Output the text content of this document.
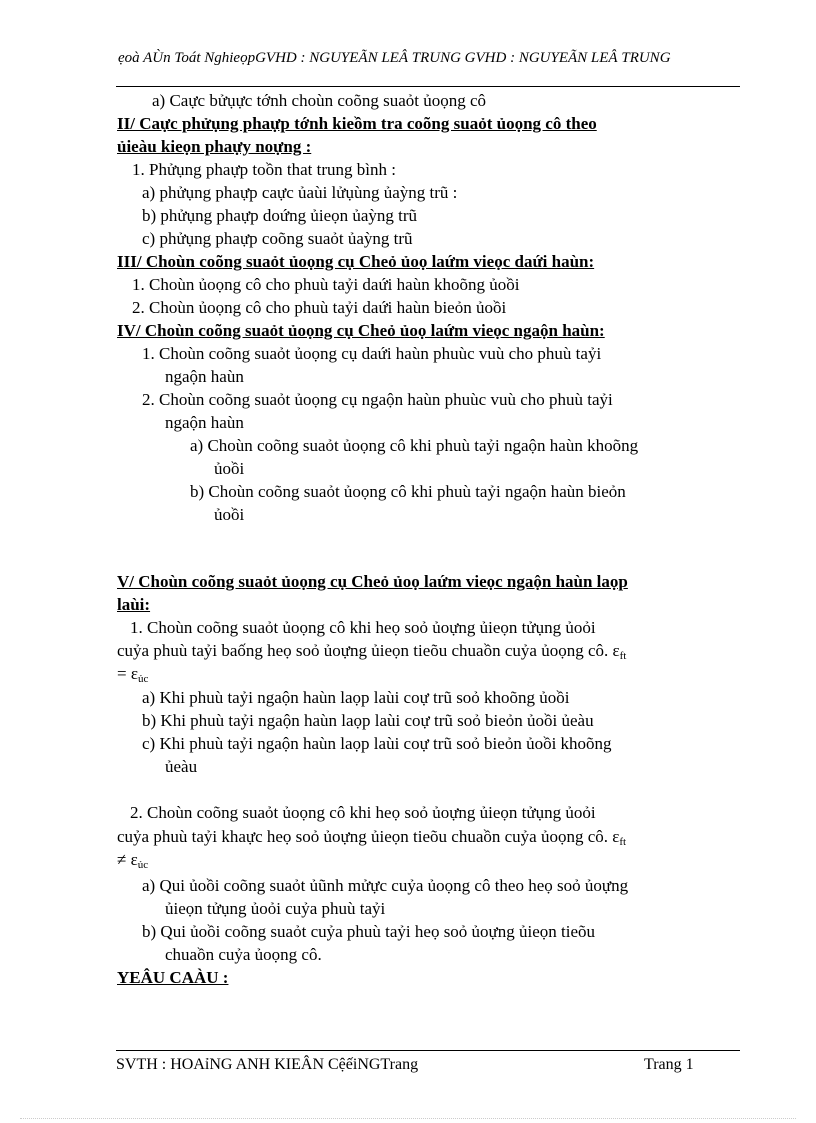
ẹoà AÙn Toát NghieọpGVHD : NGUYEÃN LEÂ TRUNG GVHD : NGUYEÃN LEÂ TRUNG
a) Caực bửụực tớnh choùn coõng suaỏt ủoọng cô
II/ Caực phửụng phaựp tớnh kieồm tra coõng suaỏt ủoọng cô theo
ủieàu kieọn phaựy noựng :
1. Phửụng phaựp toồn that trung bình :
a) phửụng phaựp caực ủaùi lửụùng ủaỳng trũ :
b) phửụng phaựp doứng ủieọn ủaỳng trũ
c) phửụng phaựp coõng suaỏt ủaỳng trũ
III/ Choùn coõng suaỏt ủoọng cụ Cheỏ ủoọ laứm vieọc daứi haùn:
1. Choùn ủoọng cô cho phuù taỷi daứi haùn khoõng ủoồi
2. Choùn ủoọng cô cho phuù taỷi daứi haùn bieỏn ủoồi
IV/ Choùn coõng suaỏt ủoọng cụ Cheỏ ủoọ laứm vieọc ngaộn haùn:
1. Choùn coõng suaỏt ủoọng cụ daứi haùn phuùc vuù cho phuù taỷi
ngaộn haùn
2. Choùn coõng suaỏt ủoọng cụ ngaộn haùn phuùc vuù cho phuù taỷi
ngaộn haùn
a) Choùn coõng suaỏt ủoọng cô khi phuù taỷi ngaộn haùn khoõng
ủoồi
b) Choùn coõng suaỏt ủoọng cô khi phuù taỷi ngaộn haùn bieỏn
ủoồi
V/ Choùn coõng suaỏt ủoọng cụ Cheỏ ủoọ laứm vieọc ngaộn haùn laọp
laùi:
1. Choùn coõng suaỏt ủoọng cô khi heọ soỏ ủoựng ủieọn tửụng ủoỏi
cuỷa phuù taỷi baống heọ soỏ ủoựng ủieọn tieõu chuaồn cuỷa ủoọng cô. $\varepsilon_{ft}$
= $\varepsilon_{ủc}$
a) Khi phuù taỷi ngaộn haùn laọp laùi coự trũ soỏ khoõng ủoồi
b) Khi phuù taỷi ngaộn haùn laọp laùi coự trũ soỏ bieỏn ủoồi ủeàu
c) Khi phuù taỷi ngaộn haùn laọp laùi coự trũ soỏ bieỏn ủoồi khoõng
ủeàu
2. Choùn coõng suaỏt ủoọng cô khi heọ soỏ ủoựng ủieọn tửụng ủoỏi
cuỷa phuù taỷi khaực heọ soỏ ủoựng ủieọn tieõu chuaồn cuỷa ủoọng cô. $\varepsilon_{ft}$
≠ $\varepsilon_{ủc}$
a) Qui ủoồi coõng suaỏt ủũnh mửực cuỷa ủoọng cô theo heọ soỏ ủoựng
ủieọn tửụng ủoỏi cuỷa phuù taỷi
b) Qui ủoồi coõng suaỏt cuỷa phuù taỷi heọ soỏ ủoựng ủieọn tieõu
chuaồn cuỷa ủoọng cô.
YEÂU CAÀU :
SVTH : HOAỉNG ANH KIEÂN CệếiNGTrang	Trang 1
